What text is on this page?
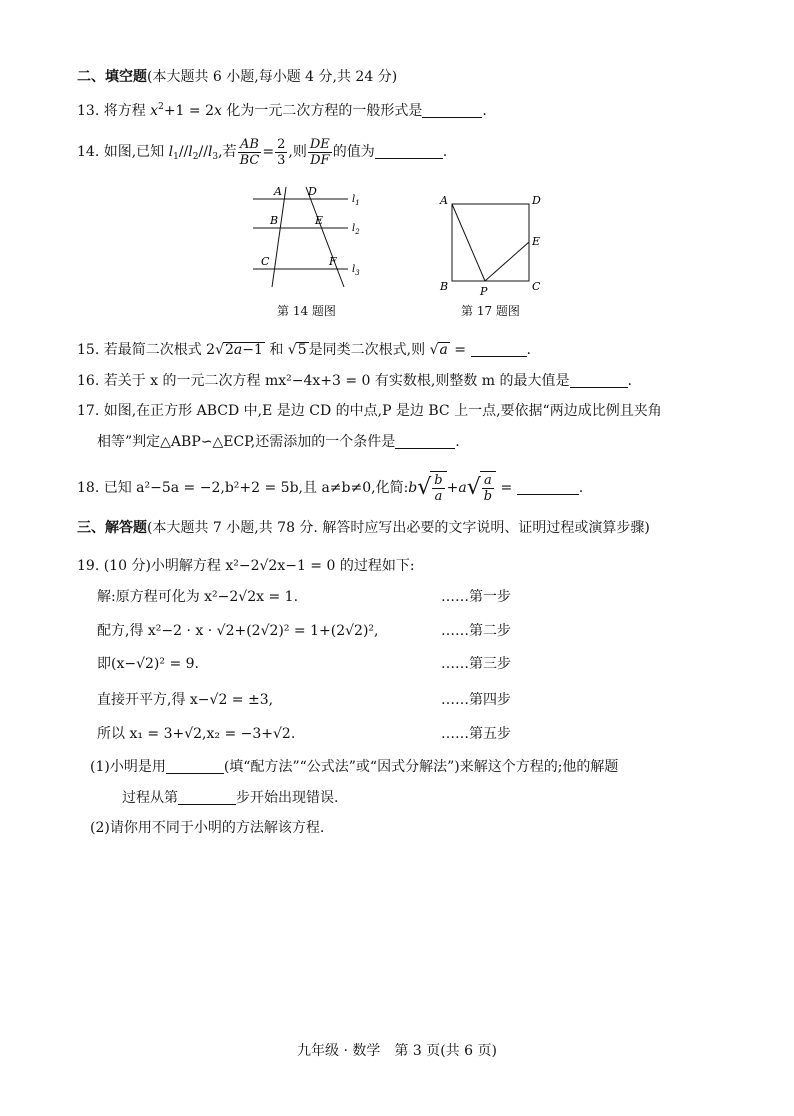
二、填空题(本大题共 6 小题,每小题 4 分,共 24 分)
13. 将方程 $x^2+1 = 2x$ 化为一元二次方程的一般形式是	.
14. 如图,已知 $l_1//l_2//l_3$,若 $\frac{AB}{BC} = \frac{2}{3}$ ,则 $\frac{DE}{DF}$ 的值为	.
A D
B	E
C	F
$l_1$
$l_2$
$l_3$
第 14 题图
A	D
E
B	P	C
第 17 题图
15. 若最简二次根式 2√2a−1 和 √5 是同类二次根式,则 √a =	.
16. 若关于 x 的一元二次方程 mx²−4x+3 = 0 有实数根,则整数 m 的最大值是	.
17. 如图,在正方形 ABCD 中,E 是边 CD 的中点,P 是边 BC 上一点,要依据“两边成比例且夹角
相等”判定△ABP∽△ECP,还需添加的一个条件是	.
18. 已知 a²−5a = −2,b²+2 = 5b,且 a≠b≠0,化简:b√ $\frac{b}{a} +a√ \frac{a}{b}$ =	.
三、解答题(本大题共 7 小题,共 78 分. 解答时应写出必要的文字说明、证明过程或演算步骤)
19. (10 分)小明解方程 x²−2√2x−1 = 0 的过程如下:
解:原方程可化为 x²−2√2x = 1.	……第一步
配方,得 x²−2 · x · √2+(2√2)² = 1+(2√2)²,	……第二步
即(x−√2)² = 9.	……第三步
直接开平方,得 x−√2 = ±3,	……第四步
所以 x₁ = 3+√2,x₂ = −3+√2.	……第五步
(1)小明是用	(填“配方法”“公式法”或“因式分解法”)来解这个方程的;他的解题
过程从第	步开始出现错误.
(2)请你用不同于小明的方法解该方程.
九年级 · 数学　第 3 页(共 6 页)
